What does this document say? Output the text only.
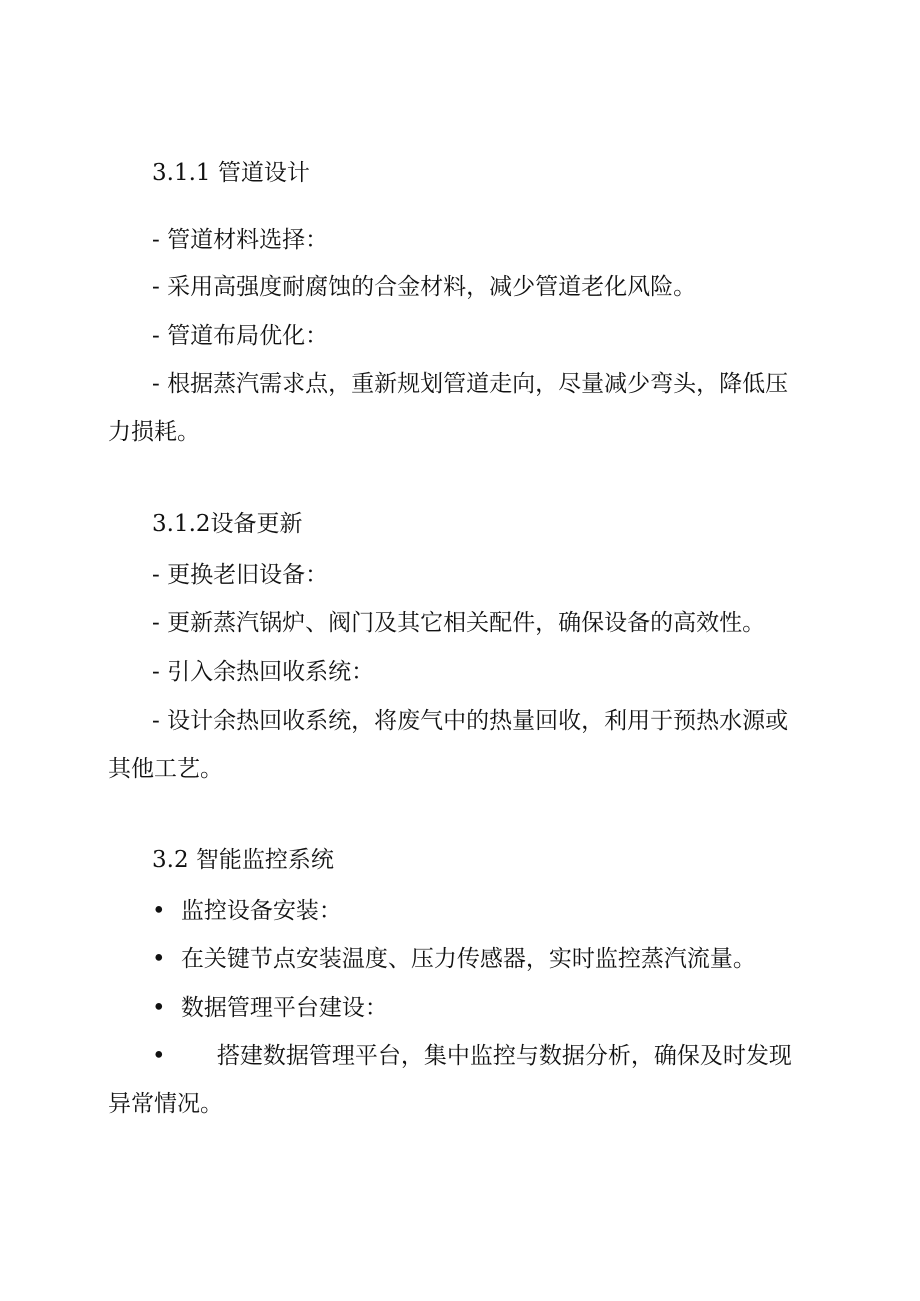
3.1.1 管道设计
- 管道材料选择：
- 采用高强度耐腐蚀的合金材料，减少管道老化风险。
- 管道布局优化：
- 根据蒸汽需求点，重新规划管道走向，尽量减少弯头，降低压
力损耗。
3.1.2设备更新
- 更换老旧设备：
- 更新蒸汽锅炉、阀门及其它相关配件，确保设备的高效性。
- 引入余热回收系统：
- 设计余热回收系统，将废气中的热量回收，利用于预热水源或
其他工艺。
3.2 智能监控系统
• 监控设备安装：
• 在关键节点安装温度、压力传感器，实时监控蒸汽流量。
• 数据管理平台建设：
• 搭建数据管理平台，集中监控与数据分析，确保及时发现
异常情况。
